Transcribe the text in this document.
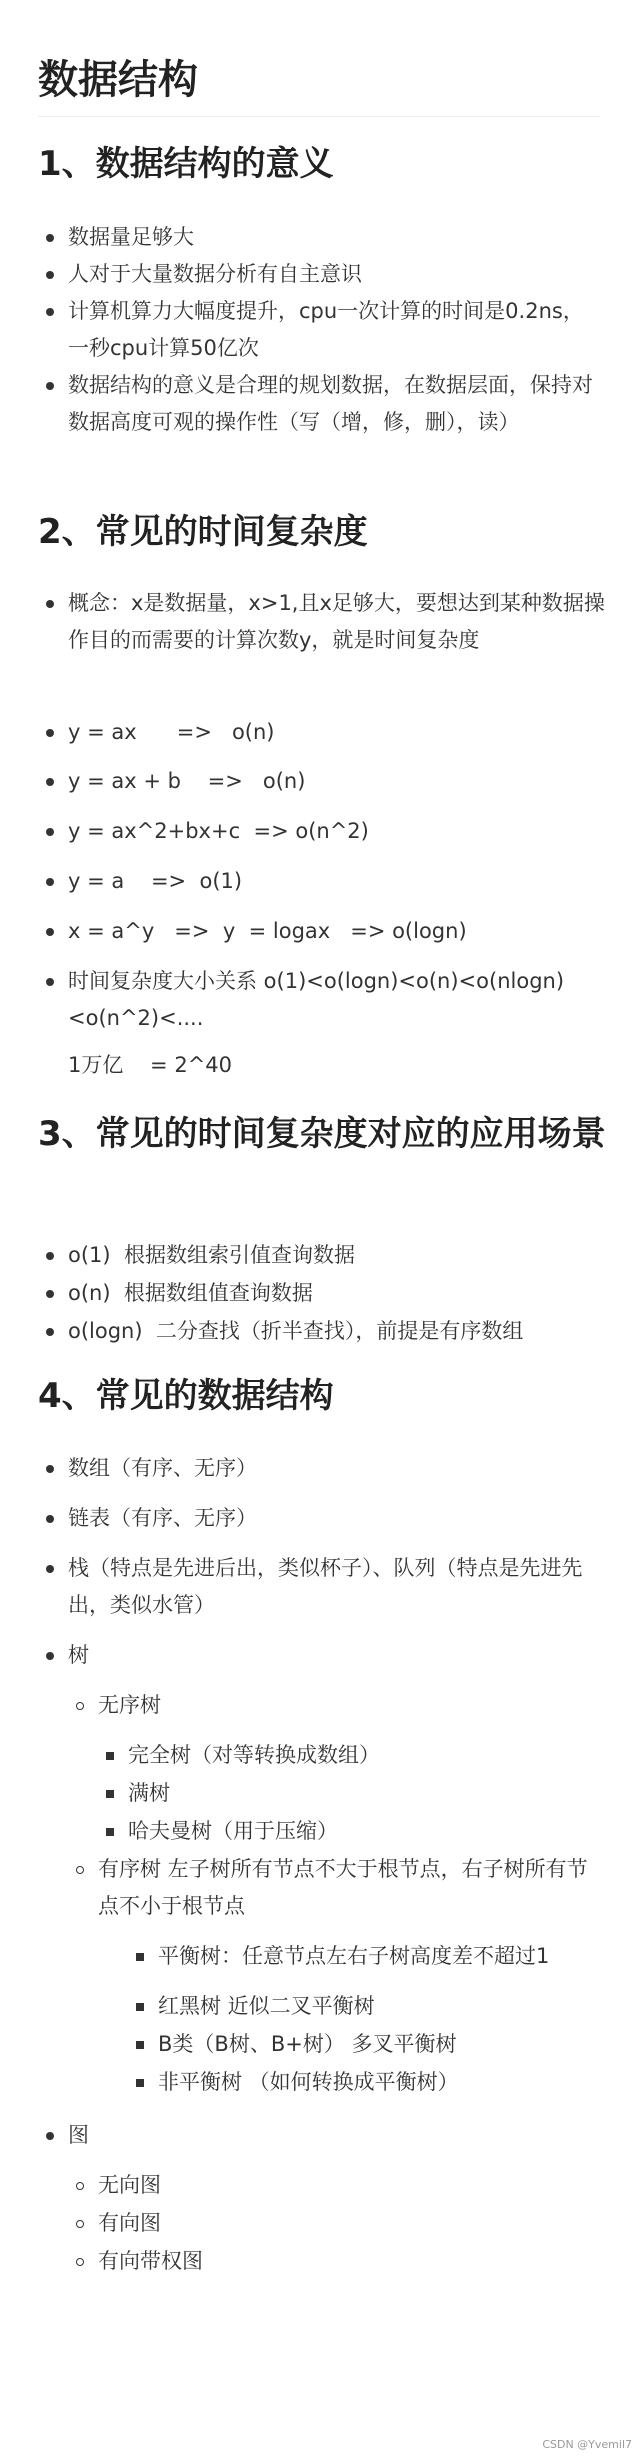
数据结构
1、数据结构的意义
数据量足够大
人对于大量数据分析有自主意识
计算机算力大幅度提升，cpu一次计算的时间是0.2ns，一秒cpu计算50亿次
数据结构的意义是合理的规划数据，在数据层面，保持对数据高度可观的操作性（写（增，修，删），读）
2、常见的时间复杂度
概念：x是数据量，x>1,且x足够大，要想达到某种数据操作目的而需要的计算次数y，就是时间复杂度
y = ax      =>   o(n)
y = ax + b    =>   o(n)
y = ax^2+bx+c  => o(n^2)
y = a    =>  o(1)
x = a^y   =>  y  = logax   => o(logn)
时间复杂度大小关系 o(1)<o(logn)<o(n)<o(nlogn)<o(n^2)<....
1万亿    = 2^40
3、常见的时间复杂度对应的应用场景
o(1)  根据数组索引值查询数据
o(n)  根据数组值查询数据
o(logn)  二分查找（折半查找），前提是有序数组
4、常见的数据结构
数组（有序、无序）
链表（有序、无序）
栈（特点是先进后出，类似杯子）、队列（特点是先进先出，类似水管）
树
无序树
完全树（对等转换成数组）
满树
哈夫曼树（用于压缩）
有序树 左子树所有节点不大于根节点，右子树所有节点不小于根节点
平衡树：任意节点左右子树高度差不超过1
红黑树 近似二叉平衡树
B类（B树、B+树） 多叉平衡树
非平衡树 （如何转换成平衡树）
图
无向图
有向图
有向带权图
CSDN @Yvemil7
